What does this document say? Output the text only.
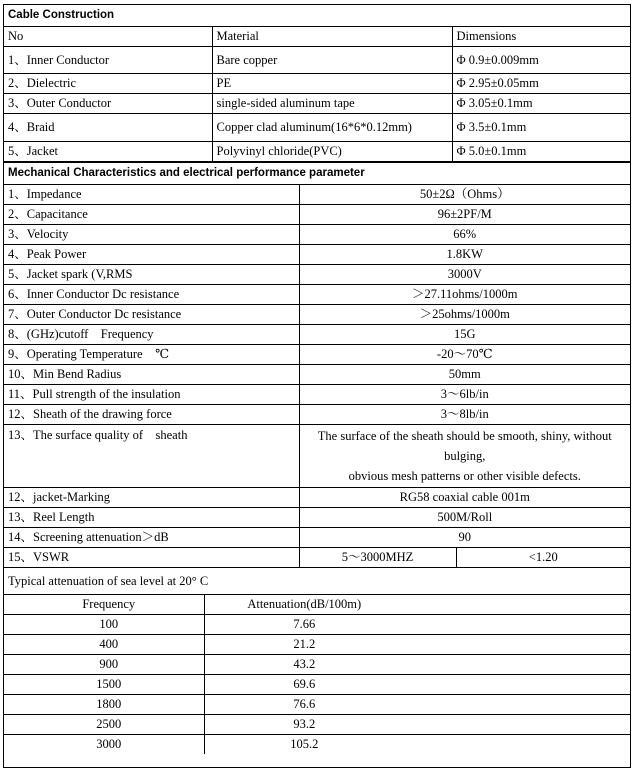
Cable Construction		
No	Material	Dimensions
1、Inner Conductor	Bare copper	Φ 0.9±0.009mm
2、Dielectric	PE	Φ 2.95±0.05mm
3、Outer Conductor	single-sided aluminum tape	Φ 3.05±0.1mm
4、Braid	Copper clad aluminum(16*6*0.12mm)	Φ 3.5±0.1mm
5、Jacket	Polyvinyl chloride(PVC)	Φ 5.0±0.1mm
Mechanical Characteristics and electrical performance parameter		
1、Impedance	50±2Ω（Ohms）	
2、Capacitance	96±2PF/M	
3、Velocity	66%	
4、Peak Power	1.8KW	
5、Jacket spark (V,RMS	3000V	
6、Inner Conductor Dc resistance	＞27.11ohms/1000m	
7、Outer Conductor Dc resistance	＞25ohms/1000m	
8、(GHz)cutoff　Frequency	15G	
9、Operating Temperature　℃	-20～70℃	
10、Min Bend Radius	50mm	
11、Pull strength of the insulation	3～6lb/in	
12、Sheath of the drawing force	3～8lb/in	
13、The surface quality of　sheath	The surface of the sheath should be smooth, shiny, without bulging,
obvious mesh patterns or other visible defects.	

12、jacket-Marking	RG58 coaxial cable 001m	
13、Reel Length	500M/Roll	
14、Screening attenuation＞dB	90	
15、VSWR	5～3000MHZ	<1.20
Typical attenuation of sea level at 20° C			
	Frequency	Attenuation(dB/100m)	
	100	7.66	
	400	21.2	
	900	43.2	
	1500	69.6	
	1800	76.6	
	2500	93.2	
	3000	105.2	
